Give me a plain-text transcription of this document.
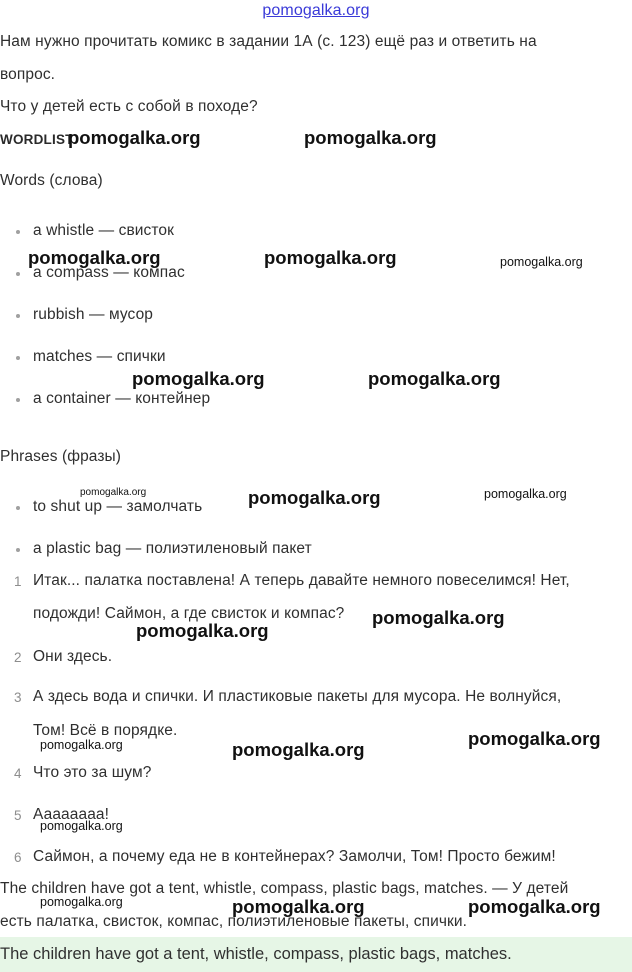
pomogalka.org
Нам нужно прочитать комикс в задании 1А (с. 123) ещё раз и ответить на
вопрос.
Что у детей есть с собой в походе?
WORDLIST
Words (слова)
a whistle — свисток
a compass — компас
rubbish — мусор
matches — спички
a container — контейнер
Phrases (фразы)
to shut up — замолчать
a plastic bag — полиэтиленовый пакет
1 Итак... палатка поставлена! А теперь давайте немного повеселимся! Нет,
подожди! Саймон, а где свисток и компас?
2 Они здесь.
3 А здесь вода и спички. И пластиковые пакеты для мусора. Не волнуйся,
Том! Всё в порядке.
4 Что это за шум?
5 Аааааааа!
6 Саймон, а почему еда не в контейнерах? Замолчи, Том! Просто бежим!
The children have got a tent, whistle, compass, plastic bags, matches. — У детей
есть палатка, свисток, компас, полиэтиленовые пакеты, спички.
The children have got a tent, whistle, compass, plastic bags, matches.
pomogalka.org	pomogalka.org
pomogalka.org	pomogalka.org	pomogalka.org
pomogalka.org	pomogalka.org
pomogalka.org	pomogalka.org	pomogalka.org
pomogalka.org
pomogalka.org
pomogalka.org
pomogalka.org	pomogalka.org
pomogalka.org
pomogalka.org	pomogalka.org	pomogalka.org
